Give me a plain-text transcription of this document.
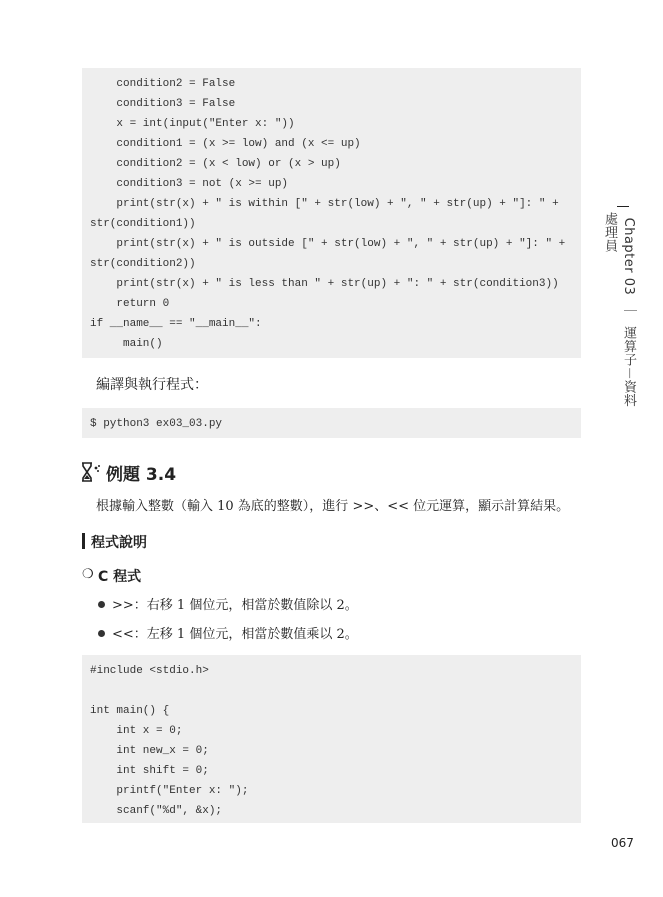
condition2 = False
condition3 = False
x = int(input("Enter x: "))
condition1 = (x >= low) and (x <= up)
condition2 = (x < low) or (x > up)
condition3 = not (x >= up)
print(str(x) + " is within [" + str(low) + ", " + str(up) + "]: " +
str(condition1))
print(str(x) + " is outside [" + str(low) + ", " + str(up) + "]: " +
str(condition2))
print(str(x) + " is less than " + str(up) + ": " + str(condition3))
return 0
if __name__ == "__main__":
main()
編譯與執行程式：
$ python3 ex03_03.py
例題 3.4
根據輸入整數（輸入 10 為底的整數），進行 >>、<< 位元運算，顯示計算結果。
程式說明
❍ C 程式
>>：右移 1 個位元，相當於數值除以 2。
<<：左移 1 個位元，相當於數值乘以 2。
#include <stdio.h>
int main() {
int x = 0;
int new_x = 0;
int shift = 0;
printf("Enter x: ");
scanf("%d", &x);
Chapter 03 ｜ 運算子－資料處理員
067
